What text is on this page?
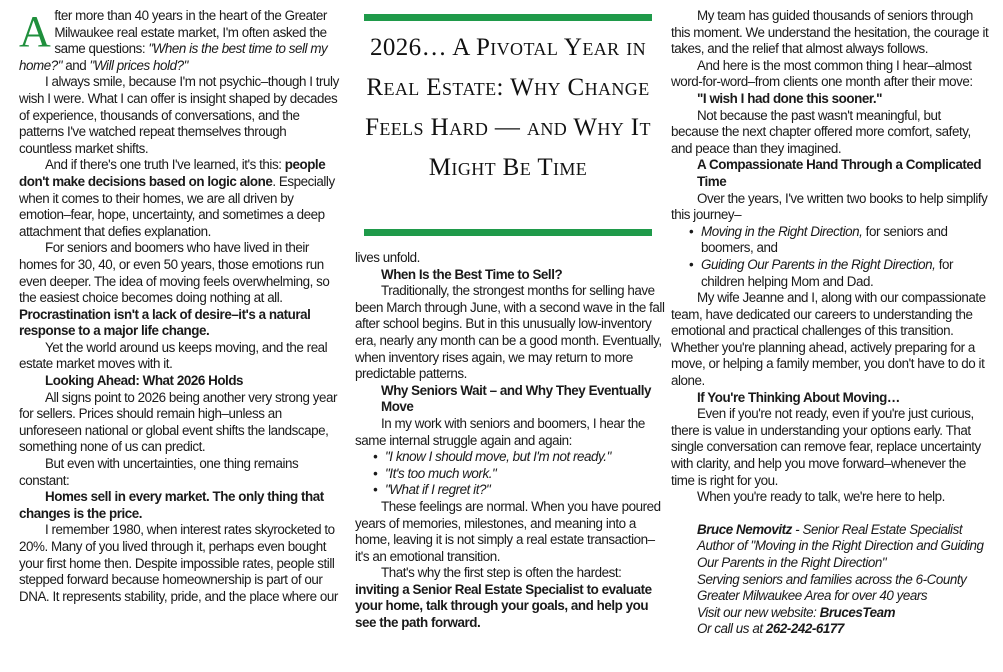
2026… A Pivotal Year in Real Estate: Why Change Feels Hard — and Why It Might Be Time

After more than 40 years in the heart of the Greater Milwaukee real estate market, I'm often asked the same questions: "When is the best time to sell my home?" and "Will prices hold?"

I always smile, because I'm not psychic–though I truly wish I were. What I can offer is insight shaped by decades of experience, thousands of conversations, and the patterns I've watched repeat themselves through countless market shifts.

And if there's one truth I've learned, it's this: people don't make decisions based on logic alone. Especially when it comes to their homes, we are all driven by emotion–fear, hope, uncertainty, and sometimes a deep attachment that defies explanation.

For seniors and boomers who have lived in their homes for 30, 40, or even 50 years, those emotions run even deeper. The idea of moving feels overwhelming, so the easiest choice becomes doing nothing at all. Procrastination isn't a lack of desire–it's a natural response to a major life change.

Yet the world around us keeps moving, and the real estate market moves with it.

Looking Ahead: What 2026 Holds

All signs point to 2026 being another very strong year for sellers. Prices should remain high–unless an unforeseen national or global event shifts the landscape, something none of us can predict.

But even with uncertainties, one thing remains constant:

Homes sell in every market. The only thing that changes is the price.

I remember 1980, when interest rates skyrocketed to 20%. Many of you lived through it, perhaps even bought your first home then. Despite impossible rates, people still stepped forward because homeownership is part of our DNA. It represents stability, pride, and the place where our

lives unfold.

When Is the Best Time to Sell?

Traditionally, the strongest months for selling have been March through June, with a second wave in the fall after school begins. But in this unusually low-inventory era, nearly any month can be a good month. Eventually, when inventory rises again, we may return to more predictable patterns.

Why Seniors Wait – and Why They Eventually Move

In my work with seniors and boomers, I hear the same internal struggle again and again:

• "I know I should move, but I'm not ready."
• "It's too much work."
• "What if I regret it?"

These feelings are normal. When you have poured years of memories, milestones, and meaning into a home, leaving it is not simply a real estate transaction–it's an emotional transition.

That's why the first step is often the hardest: inviting a Senior Real Estate Specialist to evaluate your home, talk through your goals, and help you see the path forward.

My team has guided thousands of seniors through this moment. We understand the hesitation, the courage it takes, and the relief that almost always follows.

And here is the most common thing I hear–almost word-for-word–from clients one month after their move:

"I wish I had done this sooner."

Not because the past wasn't meaningful, but because the next chapter offered more comfort, safety, and peace than they imagined.

A Compassionate Hand Through a Complicated Time

Over the years, I've written two books to help simplify this journey–

• Moving in the Right Direction, for seniors and boomers, and
• Guiding Our Parents in the Right Direction, for children helping Mom and Dad.

My wife Jeanne and I, along with our compassionate team, have dedicated our careers to understanding the emotional and practical challenges of this transition. Whether you're planning ahead, actively preparing for a move, or helping a family member, you don't have to do it alone.

If You're Thinking About Moving…

Even if you're not ready, even if you're just curious, there is value in understanding your options early. That single conversation can remove fear, replace uncertainty with clarity, and help you move forward–whenever the time is right for you.

When you're ready to talk, we're here to help.

Bruce Nemovitz - Senior Real Estate Specialist
Author of "Moving in the Right Direction and Guiding Our Parents in the Right Direction"
Serving seniors and families across the 6-County Greater Milwaukee Area for over 40 years
Visit our new website: BrucesTeam
Or call us at 262-242-6177
